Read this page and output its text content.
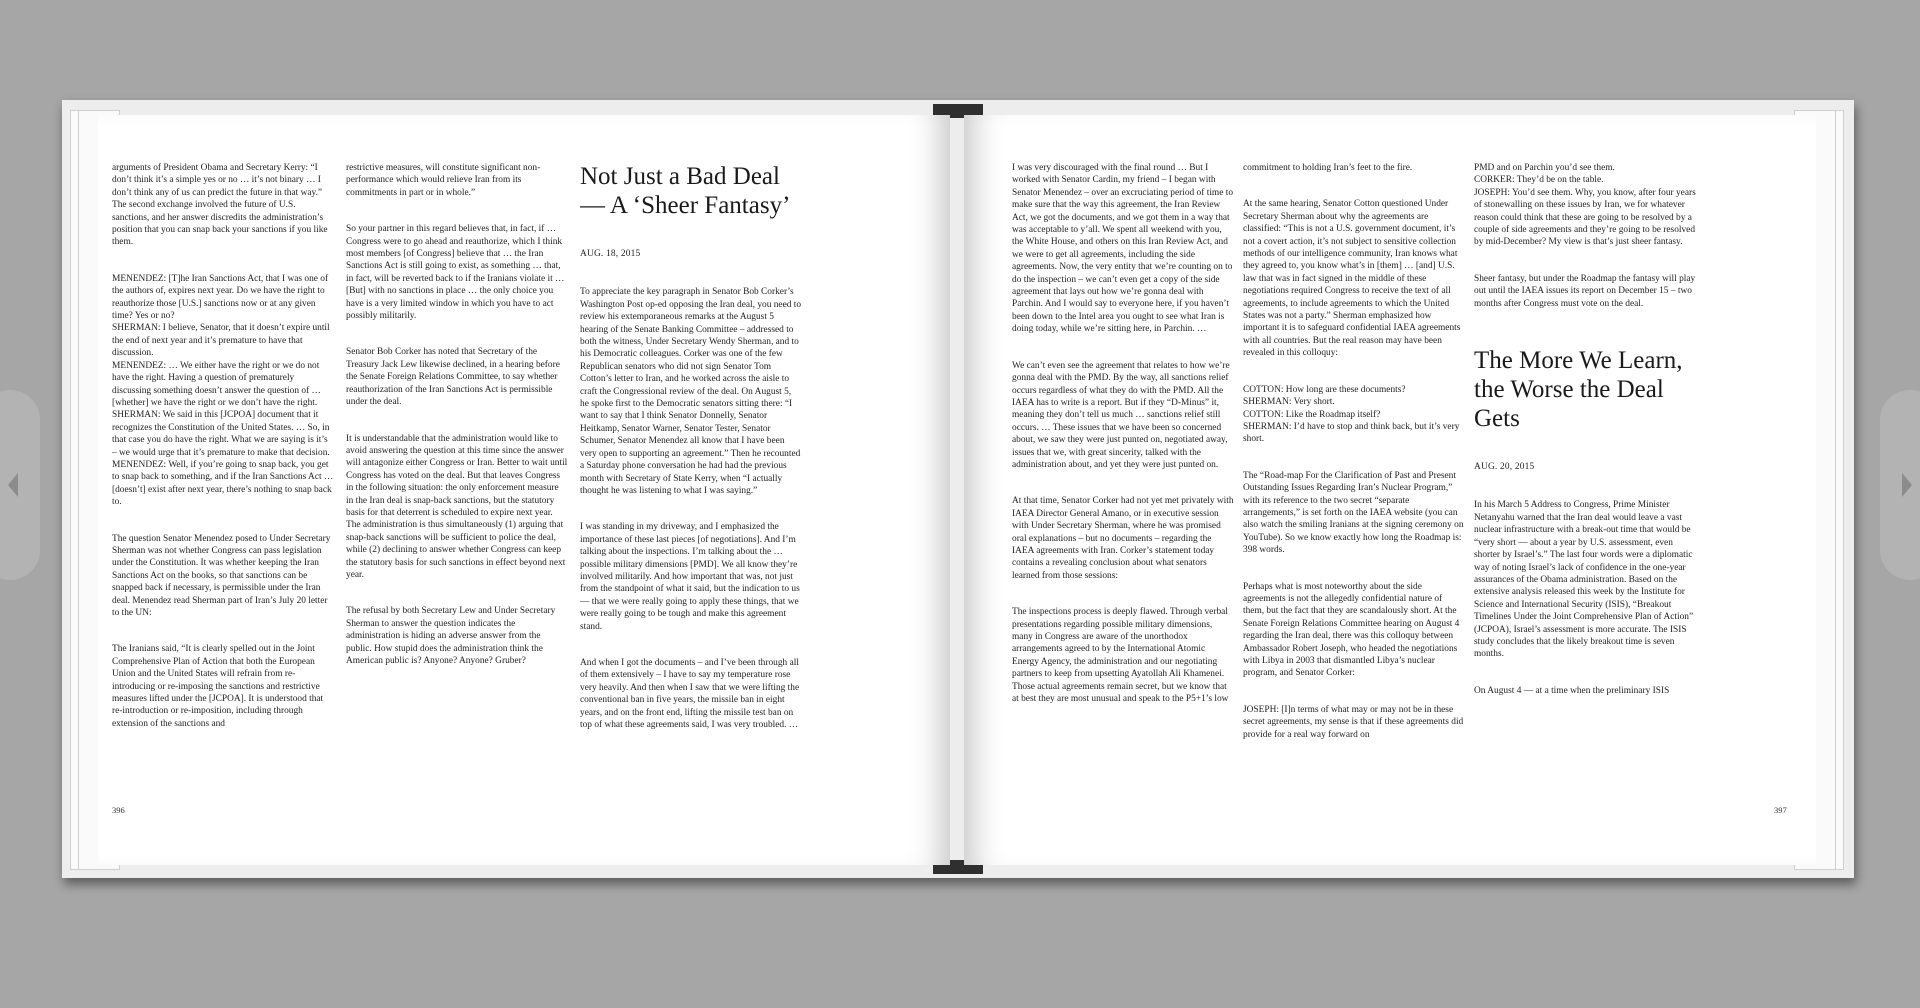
arguments of President Obama and Secretary Kerry: “I don’t think it’s a simple yes or no … it’s not binary … I don’t think any of us can predict the future in that way.” The second exchange involved the future of U.S. sanctions, and her answer discredits the administration’s position that you can snap back your sanctions if you like them.

MENENDEZ: [T]he Iran Sanctions Act, that I was one of the authors of, expires next year. Do we have the right to reauthorize those [U.S.] sanctions now or at any given time? Yes or no?
SHERMAN: I believe, Senator, that it doesn’t expire until the end of next year and it’s premature to have that discussion.
MENENDEZ: … We either have the right or we do not have the right. Having a question of prematurely discussing something doesn’t answer the question of … [whether] we have the right or we don’t have the right.
SHERMAN: We said in this [JCPOA] document that it recognizes the Constitution of the United States. … So, in that case you do have the right. What we are saying is it’s – we would urge that it’s premature to make that decision.
MENENDEZ: Well, if you’re going to snap back, you get to snap back to something, and if the Iran Sanctions Act … [doesn’t] exist after next year, there’s nothing to snap back to.

The question Senator Menendez posed to Under Secretary Sherman was not whether Congress can pass legislation under the Constitution. It was whether keeping the Iran Sanctions Act on the books, so that sanctions can be snapped back if necessary, is permissible under the Iran deal. Menendez read Sherman part of Iran’s July 20 letter to the UN:

The Iranians said, “It is clearly spelled out in the Joint Comprehensive Plan of Action that both the European Union and the United States will refrain from re-introducing or re-imposing the sanctions and restrictive measures lifted under the [JCPOA]. It is understood that re-introduction or re-imposition, including through extension of the sanctions and

restrictive measures, will constitute significant non-performance which would relieve Iran from its commitments in part or in whole.”

So your partner in this regard believes that, in fact, if … Congress were to go ahead and reauthorize, which I think most members [of Congress] believe that … the Iran Sanctions Act is still going to exist, as something … that, in fact, will be reverted back to if the Iranians violate it … [But] with no sanctions in place … the only choice you have is a very limited window in which you have to act possibly militarily.

Senator Bob Corker has noted that Secretary of the Treasury Jack Lew likewise declined, in a hearing before the Senate Foreign Relations Committee, to say whether reauthorization of the Iran Sanctions Act is permissible under the deal.

It is understandable that the administration would like to avoid answering the question at this time since the answer will antagonize either Congress or Iran. Better to wait until Congress has voted on the deal. But that leaves Congress in the following situation: the only enforcement measure in the Iran deal is snap-back sanctions, but the statutory basis for that deterrent is scheduled to expire next year. The administration is thus simultaneously (1) arguing that snap-back sanctions will be sufficient to police the deal, while (2) declining to answer whether Congress can keep the statutory basis for such sanctions in effect beyond next year.

The refusal by both Secretary Lew and Under Secretary Sherman to answer the question indicates the administration is hiding an adverse answer from the public. How stupid does the administration think the American public is? Anyone? Anyone? Gruber?

Not Just a Bad Deal — A ‘Sheer Fantasy’
AUG. 18, 2015

To appreciate the key paragraph in Senator Bob Corker’s Washington Post op-ed opposing the Iran deal, you need to review his extemporaneous remarks at the August 5 hearing of the Senate Banking Committee – addressed to both the witness, Under Secretary Wendy Sherman, and to his Democratic colleagues. Corker was one of the few Republican senators who did not sign Senator Tom Cotton’s letter to Iran, and he worked across the aisle to craft the Congressional review of the deal. On August 5, he spoke first to the Democratic senators sitting there: “I want to say that I think Senator Donnelly, Senator Heitkamp, Senator Warner, Senator Tester, Senator Schumer, Senator Menendez all know that I have been very open to supporting an agreement.” Then he recounted a Saturday phone conversation he had had the previous month with Secretary of State Kerry, when “I actually thought he was listening to what I was saying.”

I was standing in my driveway, and I emphasized the importance of these last pieces [of negotiations]. And I’m talking about the inspections. I’m talking about the … possible military dimensions [PMD]. We all know they’re involved militarily. And how important that was, not just from the standpoint of what it said, but the indication to us — that we were really going to apply these things, that we were really going to be tough and make this agreement stand.

And when I got the documents – and I’ve been through all of them extensively – I have to say my temperature rose very heavily. And then when I saw that we were lifting the conventional ban in five years, the missile ban in eight years, and on the front end, lifting the missile test ban on top of what these agreements said, I was very troubled. …

396

I was very discouraged with the final round … But I worked with Senator Cardin, my friend – I began with Senator Menendez – over an excruciating period of time to make sure that the way this agreement, the Iran Review Act, we got the documents, and we got them in a way that was acceptable to y’all. We spent all weekend with you, the White House, and others on this Iran Review Act, and we were to get all agreements, including the side agreements. Now, the very entity that we’re counting on to do the inspection – we can’t even get a copy of the side agreement that lays out how we’re gonna deal with Parchin. And I would say to everyone here, if you haven’t been down to the Intel area you ought to see what Iran is doing today, while we’re sitting here, in Parchin. …

We can’t even see the agreement that relates to how we’re gonna deal with the PMD. By the way, all sanctions relief occurs regardless of what they do with the PMD. All the IAEA has to write is a report. But if they “D-Minus” it, meaning they don’t tell us much … sanctions relief still occurs. … These issues that we have been so concerned about, we saw they were just punted on, negotiated away, issues that we, with great sincerity, talked with the administration about, and yet they were just punted on.

At that time, Senator Corker had not yet met privately with IAEA Director General Amano, or in executive session with Under Secretary Sherman, where he was promised oral explanations – but no documents – regarding the IAEA agreements with Iran. Corker’s statement today contains a revealing conclusion about what senators learned from those sessions:

The inspections process is deeply flawed. Through verbal presentations regarding possible military dimensions, many in Congress are aware of the unorthodox arrangements agreed to by the International Atomic Energy Agency, the administration and our negotiating partners to keep from upsetting Ayatollah Ali Khamenei. Those actual agreements remain secret, but we know that at best they are most unusual and speak to the P5+1’s low

commitment to holding Iran’s feet to the fire.

At the same hearing, Senator Cotton questioned Under Secretary Sherman about why the agreements are classified: “This is not a U.S. government document, it’s not a covert action, it’s not subject to sensitive collection methods of our intelligence community, Iran knows what they agreed to, you know what’s in [them] … [and] U.S. law that was in fact signed in the middle of these negotiations required Congress to receive the text of all agreements, to include agreements to which the United States was not a party.” Sherman emphasized how important it is to safeguard confidential IAEA agreements with all countries. But the real reason may have been revealed in this colloquy:

COTTON: How long are these documents?
SHERMAN: Very short.
COTTON: Like the Roadmap itself?
SHERMAN: I’d have to stop and think back, but it’s very short.

The “Road-map For the Clarification of Past and Present Outstanding Issues Regarding Iran’s Nuclear Program,” with its reference to the two secret “separate arrangements,” is set forth on the IAEA website (you can also watch the smiling Iranians at the signing ceremony on YouTube). So we know exactly how long the Roadmap is: 398 words.

Perhaps what is most noteworthy about the side agreements is not the allegedly confidential nature of them, but the fact that they are scandalously short. At the Senate Foreign Relations Committee hearing on August 4 regarding the Iran deal, there was this colloquy between Ambassador Robert Joseph, who headed the negotiations with Libya in 2003 that dismantled Libya’s nuclear program, and Senator Corker:

JOSEPH: [I]n terms of what may or may not be in these secret agreements, my sense is that if these agreements did provide for a real way forward on

PMD and on Parchin you’d see them.
CORKER: They’d be on the table.
JOSEPH: You’d see them. Why, you know, after four years of stonewalling on these issues by Iran, we for whatever reason could think that these are going to be resolved by a couple of side agreements and they’re going to be resolved by mid-December? My view is that’s just sheer fantasy.

Sheer fantasy, but under the Roadmap the fantasy will play out until the IAEA issues its report on December 15 – two months after Congress must vote on the deal.

The More We Learn, the Worse the Deal Gets
AUG. 20, 2015

In his March 5 Address to Congress, Prime Minister Netanyahu warned that the Iran deal would leave a vast nuclear infrastructure with a break-out time that would be “very short — about a year by U.S. assessment, even shorter by Israel’s.” The last four words were a diplomatic way of noting Israel’s lack of confidence in the one-year assurances of the Obama administration. Based on the extensive analysis released this week by the Institute for Science and International Security (ISIS), “Breakout Timelines Under the Joint Comprehensive Plan of Action” (JCPOA), Israel’s assessment is more accurate. The ISIS study concludes that the likely breakout time is seven months.

On August 4 — at a time when the preliminary ISIS

397
